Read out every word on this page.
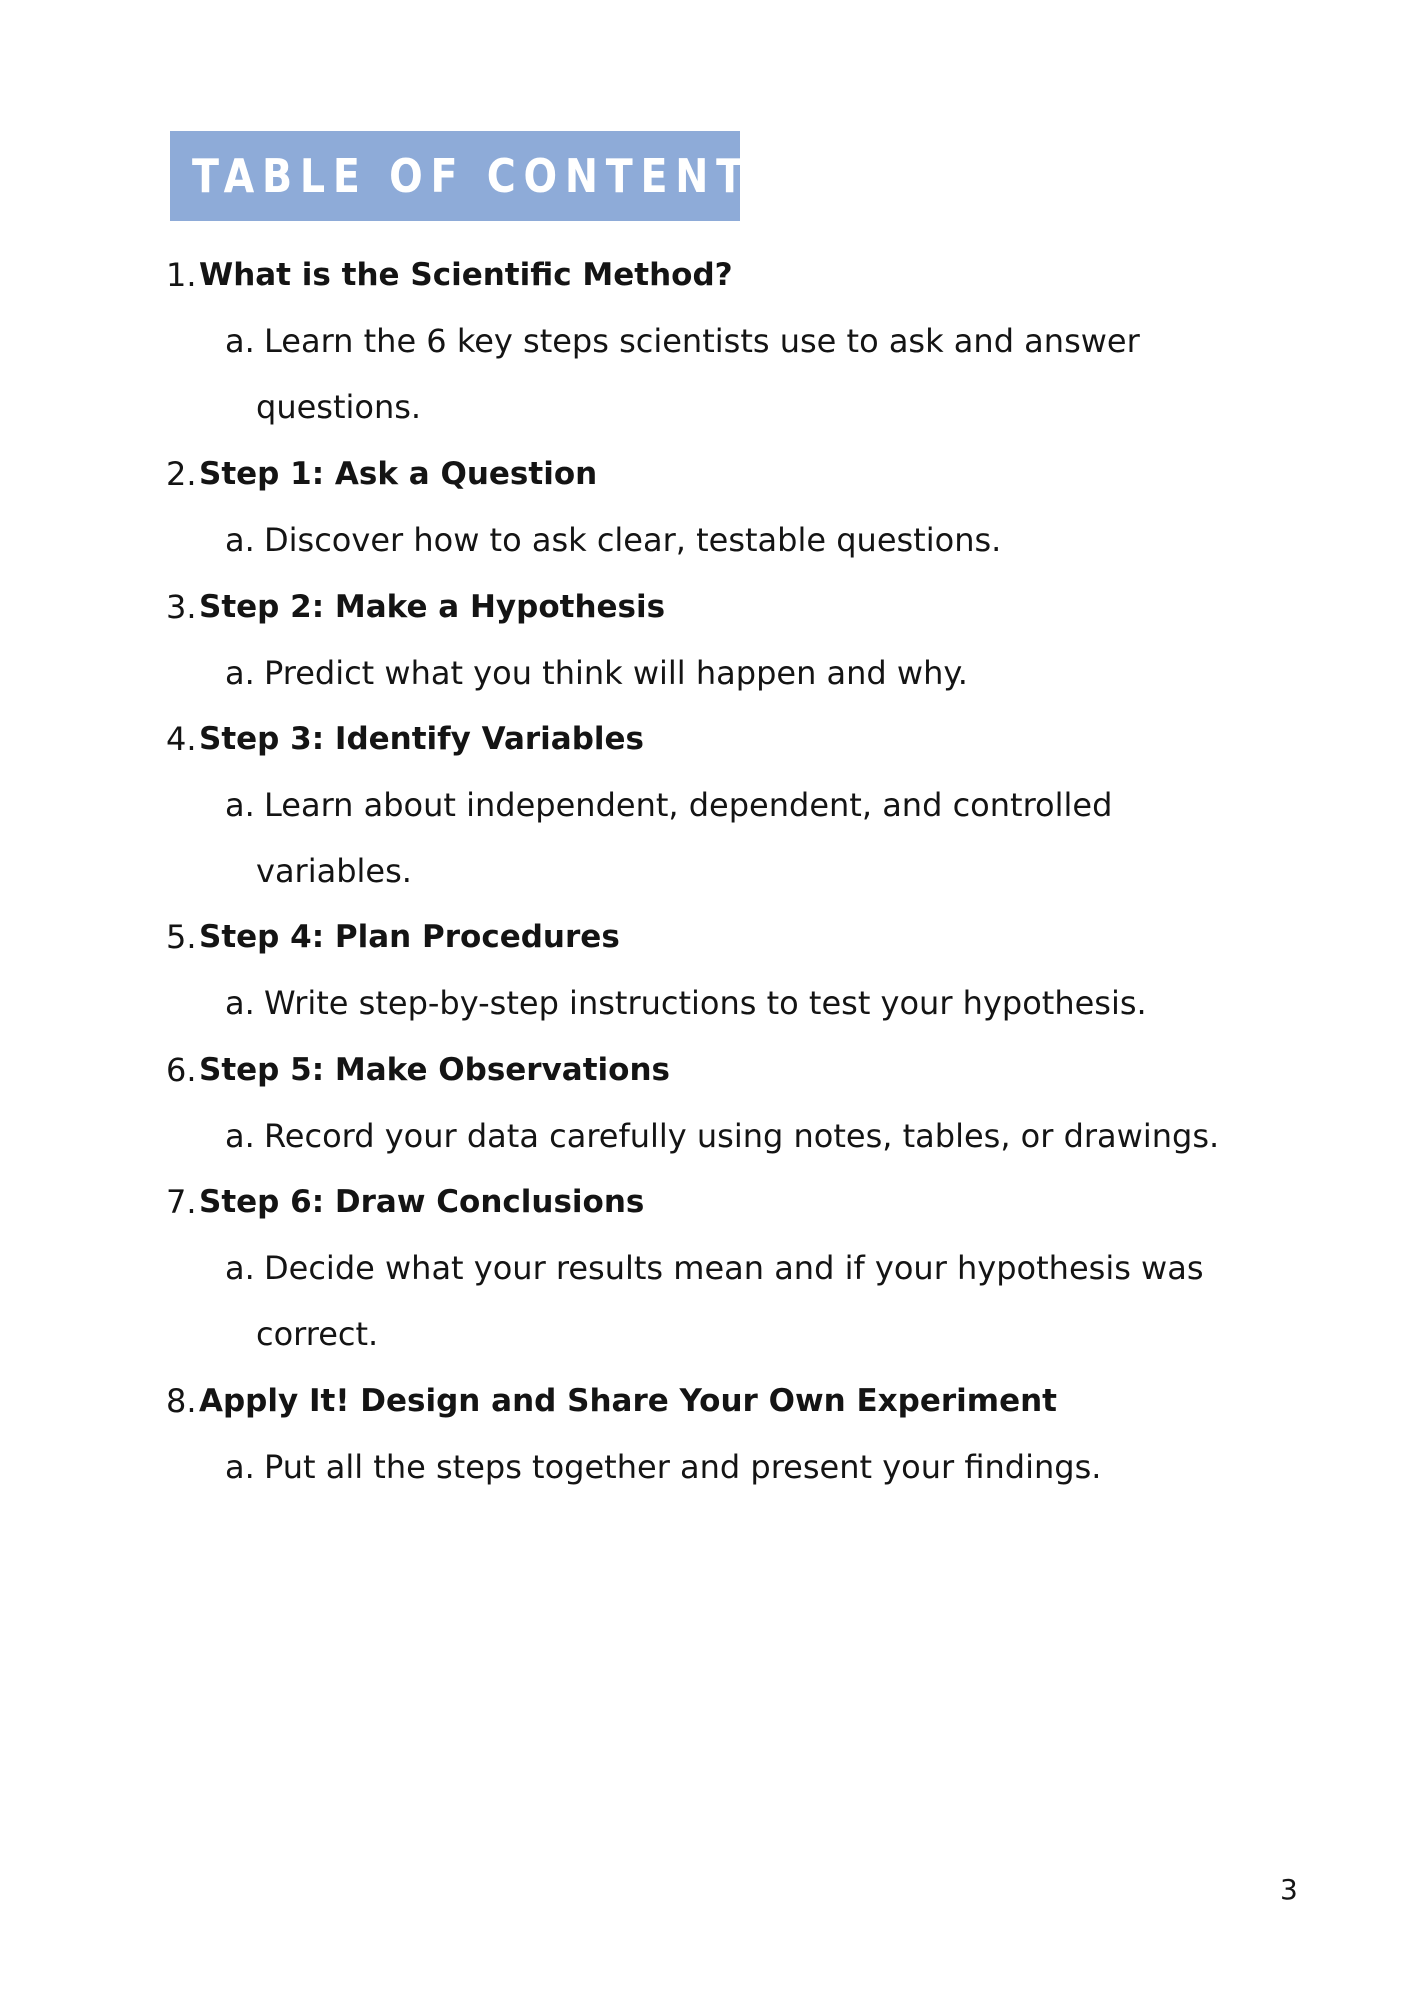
TABLE OF CONTENTS:
1. What is the Scientific Method?
a. Learn the 6 key steps scientists use to ask and answer
questions.
2. Step 1: Ask a Question
a. Discover how to ask clear, testable questions.
3. Step 2: Make a Hypothesis
a. Predict what you think will happen and why.
4. Step 3: Identify Variables
a. Learn about independent, dependent, and controlled
variables.
5. Step 4: Plan Procedures
a. Write step-by-step instructions to test your hypothesis.
6. Step 5: Make Observations
a. Record your data carefully using notes, tables, or drawings.
7. Step 6: Draw Conclusions
a. Decide what your results mean and if your hypothesis was
correct.
8. Apply It! Design and Share Your Own Experiment
a. Put all the steps together and present your findings.
3
